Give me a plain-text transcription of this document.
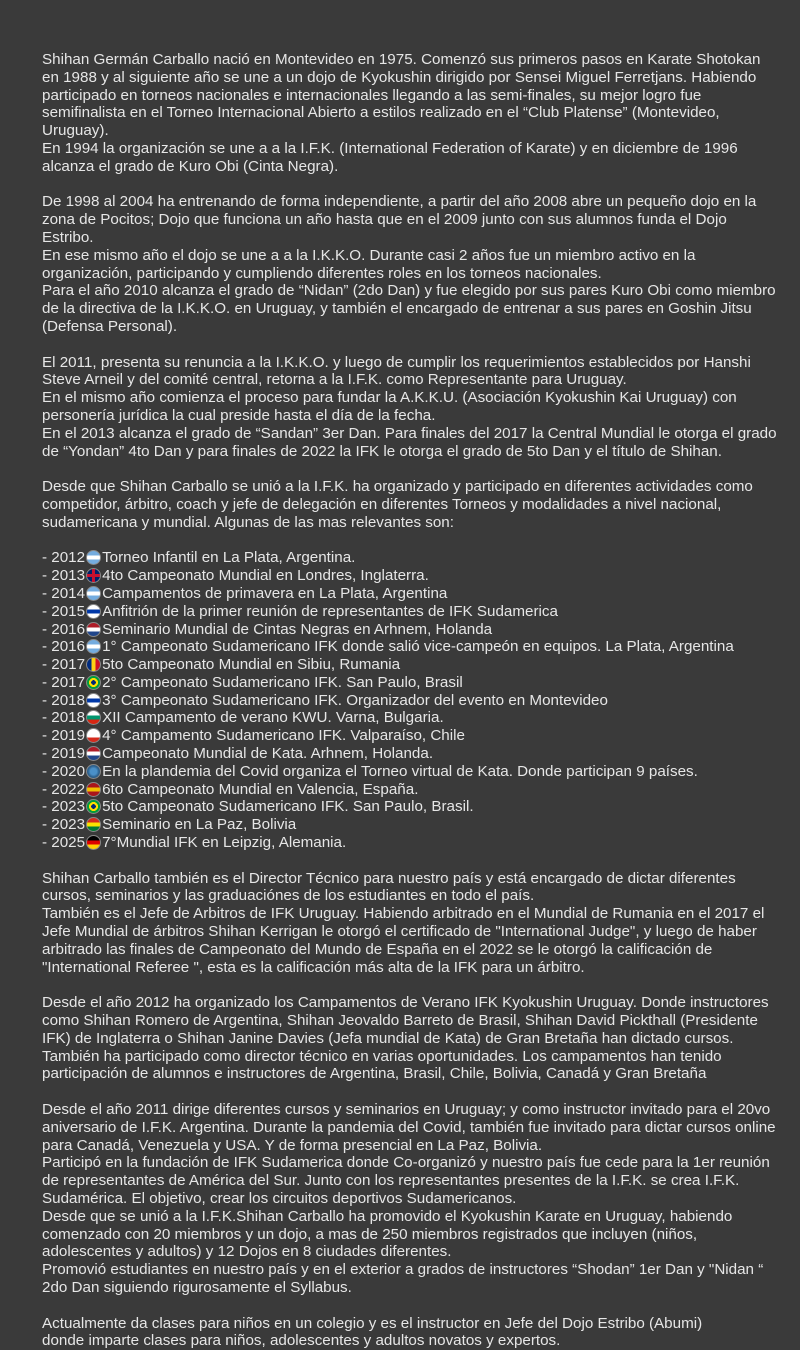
Shihan Germán Carballo nació en Montevideo en 1975. Comenzó sus primeros pasos en Karate Shotokan en 1988 y al siguiente año se une a un dojo de Kyokushin dirigido por Sensei Miguel Ferretjans. Habiendo participado en torneos nacionales e internacionales llegando a las semi-finales, su mejor logro fue semifinalista en el Torneo Internacional Abierto a estilos realizado en el “Club Platense” (Montevideo, Uruguay).
En 1994 la organización se une a a la I.F.K. (International Federation of Karate) y en diciembre de 1996 alcanza el grado de Kuro Obi (Cinta Negra).
De 1998 al 2004 ha entrenando de forma independiente, a partir del año 2008 abre un pequeño dojo en la  zona de Pocitos; Dojo que funciona un año hasta que en el 2009 junto con sus alumnos funda el Dojo Estribo.
En ese mismo año el dojo se une a a la I.K.K.O. Durante casi 2 años fue un miembro activo en la organización, participando y cumpliendo diferentes roles en los torneos nacionales.
Para el año 2010 alcanza el grado de “Nidan” (2do Dan) y fue elegido por sus pares Kuro Obi como miembro de la directiva de la I.K.K.O. en Uruguay, y también el encargado de entrenar a sus pares en Goshin Jitsu (Defensa Personal).
El 2011, presenta su renuncia a la I.K.K.O. y luego de cumplir los requerimientos establecidos por Hanshi Steve Arneil y del comité central, retorna a la I.F.K. como Representante para Uruguay.
En el mismo año comienza el proceso para fundar la A.K.K.U. (Asociación Kyokushin Kai Uruguay) con personería jurídica la cual preside hasta el día de la fecha.
En el 2013 alcanza el grado de “Sandan” 3er Dan. Para finales del 2017 la Central Mundial le otorga el grado de “Yondan” 4to Dan y para finales de 2022 la IFK le otorga el grado de 5to Dan y el título de Shihan.
Desde que Shihan Carballo se unió a la I.F.K. ha organizado y participado en diferentes actividades como competidor, árbitro, coach y jefe de delegación en diferentes Torneos y modalidades a nivel nacional, sudamericana y mundial. Algunas de las mas relevantes son:
- 2012 Torneo Infantil en La Plata, Argentina.
- 2013 4to Campeonato Mundial en Londres, Inglaterra.
- 2014 Campamentos de primavera en La Plata, Argentina
- 2015 Anfitrión de la primer reunión de representantes de IFK Sudamerica
- 2016 Seminario Mundial de Cintas Negras en Arhnem, Holanda
- 2016 1° Campeonato Sudamericano IFK donde salió vice-campeón en equipos. La Plata, Argentina
- 2017 5to Campeonato Mundial en Sibiu, Rumania
- 2017 2° Campeonato Sudamericano IFK. San Paulo, Brasil
- 2018 3° Campeonato Sudamericano IFK. Organizador del evento en Montevideo
- 2018 XII Campamento de verano KWU. Varna, Bulgaria.
- 2019 4° Campamento Sudamericano IFK. Valparaíso, Chile
- 2019 Campeonato Mundial de Kata. Arhnem, Holanda.
- 2020 En la plandemia del Covid organiza el Torneo virtual de Kata. Donde participan 9 países.
- 2022 6to Campeonato Mundial en Valencia, España.
- 2023 5to Campeonato Sudamericano IFK. San Paulo, Brasil.
- 2023 Seminario en La Paz, Bolivia
- 2025 7°Mundial IFK en Leipzig, Alemania.
Shihan Carballo también es el Director Técnico para nuestro país y está encargado de dictar diferentes cursos, seminarios y las graduaciónes de los estudiantes en todo el país.
También es el Jefe de Arbitros de IFK Uruguay. Habiendo arbitrado en el Mundial de Rumania en el 2017 el Jefe Mundial de árbitros Shihan Kerrigan le otorgó el certificado de "International Judge", y luego de haber arbitrado las finales de Campeonato del Mundo de España en el 2022 se le otorgó la calificación de "International Referee ", esta es la calificación más alta de la IFK para un árbitro.
Desde el año 2012 ha organizado los Campamentos de Verano IFK Kyokushin Uruguay. Donde instructores como Shihan Romero de Argentina, Shihan Jeovaldo Barreto de Brasil, Shihan David Pickthall (Presidente IFK) de Inglaterra o Shihan Janine Davies (Jefa mundial de Kata) de Gran Bretaña han dictado cursos.
También ha participado como director técnico en varias oportunidades. Los campamentos han tenido participación de alumnos e instructores de Argentina, Brasil, Chile, Bolivia, Canadá y Gran Bretaña
Desde el año 2011 dirige diferentes cursos y seminarios en Uruguay; y como instructor invitado para el 20vo aniversario de I.F.K. Argentina. Durante la pandemia del Covid, también fue invitado para dictar cursos online para Canadá, Venezuela y USA. Y de forma presencial en La Paz, Bolivia.
Participó en la fundación de IFK Sudamerica donde Co-organizó y nuestro país fue cede para la 1er reunión de representantes de América del Sur. Junto con los representantes presentes de la I.F.K. se crea I.F.K. Sudamérica. El objetivo, crear los circuitos deportivos Sudamericanos.
Desde que se unió a la I.F.K.Shihan Carballo ha promovido el Kyokushin Karate en Uruguay, habiendo comenzado con 20 miembros y un dojo, a mas de 250 miembros registrados que incluyen (niños, adolescentes y adultos) y 12 Dojos en 8 ciudades diferentes.
Promovió estudiantes en nuestro país y en el exterior a grados de instructores “Shodan” 1er Dan y "Nidan “ 2do Dan siguiendo rigurosamente el Syllabus.
Actualmente da clases para niños en un colegio y es el instructor en Jefe del Dojo Estribo (Abumi)
donde imparte clases para niños, adolescentes y adultos novatos y expertos.
